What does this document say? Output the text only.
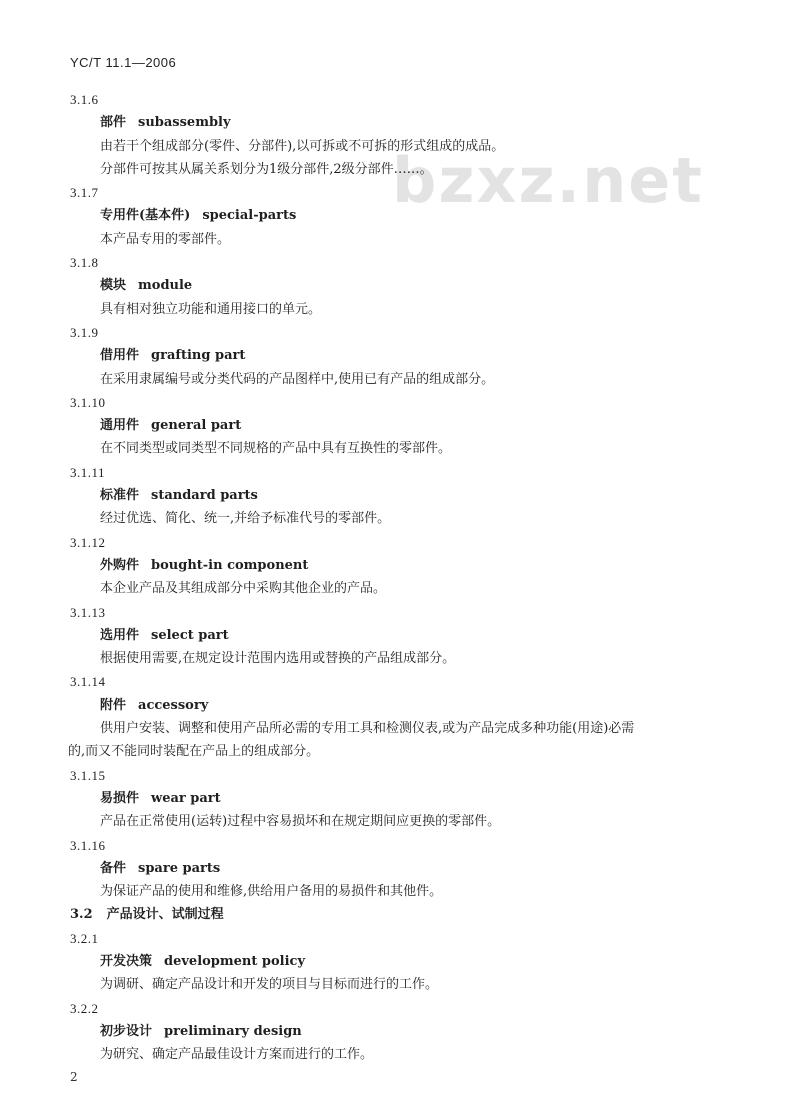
YC/T 11.1—2006
bzxz.net
3.1.6
部件 subassembly
由若干个组成部分(零件、分部件),以可拆或不可拆的形式组成的成品。
分部件可按其从属关系划分为1级分部件,2级分部件……。
3.1.7
专用件(基本件) special-parts
本产品专用的零部件。
3.1.8
模块 module
具有相对独立功能和通用接口的单元。
3.1.9
借用件 grafting part
在采用隶属编号或分类代码的产品图样中,使用已有产品的组成部分。
3.1.10
通用件 general part
在不同类型或同类型不同规格的产品中具有互换性的零部件。
3.1.11
标准件 standard parts
经过优选、简化、统一,并给予标准代号的零部件。
3.1.12
外购件 bought-in component
本企业产品及其组成部分中采购其他企业的产品。
3.1.13
选用件 select part
根据使用需要,在规定设计范围内选用或替换的产品组成部分。
3.1.14
附件 accessory
供用户安装、调整和使用产品所必需的专用工具和检测仪表,或为产品完成多种功能(用途)必需
的,而又不能同时装配在产品上的组成部分。
3.1.15
易损件 wear part
产品在正常使用(运转)过程中容易损坏和在规定期间应更换的零部件。
3.1.16
备件 spare parts
为保证产品的使用和维修,供给用户备用的易损件和其他件。
3.2 产品设计、试制过程
3.2.1
开发决策 development policy
为调研、确定产品设计和开发的项目与目标而进行的工作。
3.2.2
初步设计 preliminary design
为研究、确定产品最佳设计方案而进行的工作。
2
